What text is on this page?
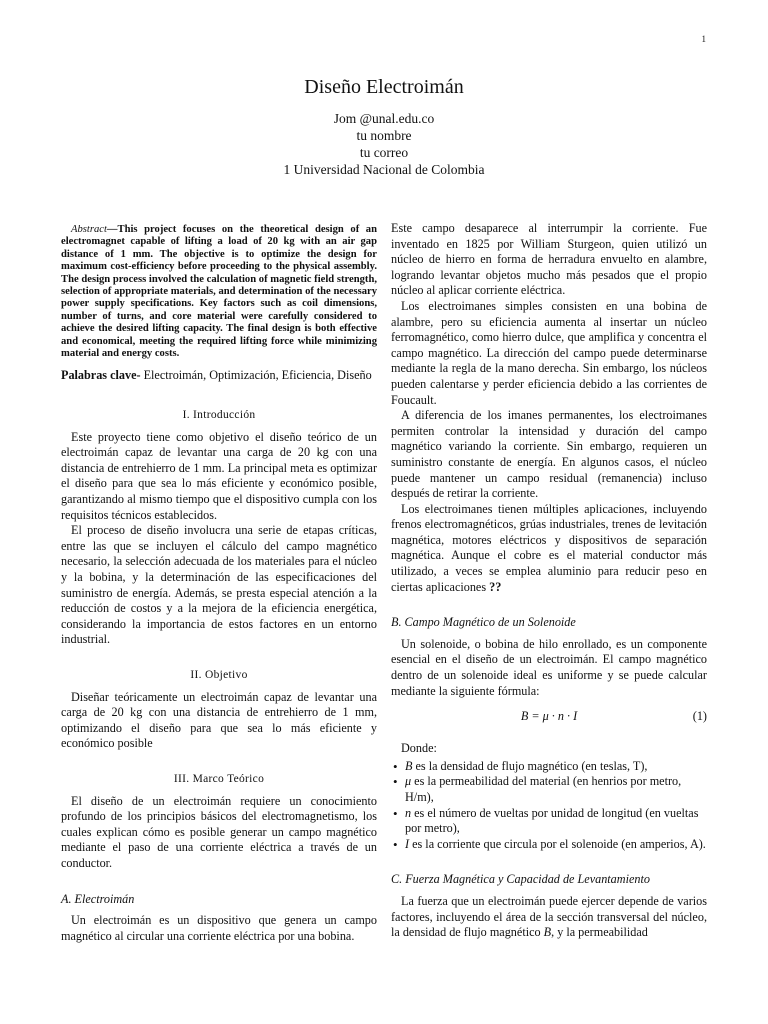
1
Diseño Electroimán
Jom @unal.edu.co
tu nombre
tu correo
1 Universidad Nacional de Colombia

Abstract—This project focuses on the theoretical design of an electromagnet capable of lifting a load of 20 kg with an air gap distance of 1 mm. The objective is to optimize the design for maximum cost-efficiency before proceeding to the physical assembly. The design process involved the calculation of magnetic field strength, selection of appropriate materials, and determination of the necessary power supply specifications. Key factors such as coil dimensions, number of turns, and core material were carefully considered to achieve the desired lifting capacity. The final design is both effective and economical, meeting the required lifting force while minimizing material and energy costs.

Palabras clave- Electroimán, Optimización, Eficiencia, Diseño

I. Introducción

Este proyecto tiene como objetivo el diseño teórico de un electroimán capaz de levantar una carga de 20 kg con una distancia de entrehierro de 1 mm. La principal meta es optimizar el diseño para que sea lo más eficiente y económico posible, garantizando al mismo tiempo que el dispositivo cumpla con los requisitos técnicos establecidos.

El proceso de diseño involucra una serie de etapas críticas, entre las que se incluyen el cálculo del campo magnético necesario, la selección adecuada de los materiales para el núcleo y la bobina, y la determinación de las especificaciones del suministro de energía. Además, se presta especial atención a la reducción de costos y a la mejora de la eficiencia energética, considerando la importancia de estos factores en un entorno industrial.

II. Objetivo

Diseñar teóricamente un electroimán capaz de levantar una carga de 20 kg con una distancia de entrehierro de 1 mm, optimizando el diseño para que sea lo más eficiente y económico posible

III. Marco Teórico

El diseño de un electroimán requiere un conocimiento profundo de los principios básicos del electromagnetismo, los cuales explican cómo es posible generar un campo magnético mediante el paso de una corriente eléctrica a través de un conductor.

A. Electroimán

Un electroimán es un dispositivo que genera un campo magnético al circular una corriente eléctrica por una bobina.

Este campo desaparece al interrumpir la corriente. Fue inventado en 1825 por William Sturgeon, quien utilizó un núcleo de hierro en forma de herradura envuelto en alambre, logrando levantar objetos mucho más pesados que el propio núcleo al aplicar corriente eléctrica.

Los electroimanes simples consisten en una bobina de alambre, pero su eficiencia aumenta al insertar un núcleo ferromagnético, como hierro dulce, que amplifica y concentra el campo magnético. La dirección del campo puede determinarse mediante la regla de la mano derecha. Sin embargo, los núcleos pueden calentarse y perder eficiencia debido a las corrientes de Foucault.

A diferencia de los imanes permanentes, los electroimanes permiten controlar la intensidad y duración del campo magnético variando la corriente. Sin embargo, requieren un suministro constante de energía. En algunos casos, el núcleo puede mantener un campo residual (remanencia) incluso después de retirar la corriente.

Los electroimanes tienen múltiples aplicaciones, incluyendo frenos electromagnéticos, grúas industriales, trenes de levitación magnética, motores eléctricos y dispositivos de separación magnética. Aunque el cobre es el material conductor más utilizado, a veces se emplea aluminio para reducir peso en ciertas aplicaciones ??

B. Campo Magnético de un Solenoide

Un solenoide, o bobina de hilo enrollado, es un componente esencial en el diseño de un electroimán. El campo magnético dentro de un solenoide ideal es uniforme y se puede calcular mediante la siguiente fórmula:

B = μ · n · I	(1)

Donde:

• B es la densidad de flujo magnético (en teslas, T),
• μ es la permeabilidad del material (en henrios por metro, H/m),
• n es el número de vueltas por unidad de longitud (en vueltas por metro),
• I es la corriente que circula por el solenoide (en amperios, A).
C. Fuerza Magnética y Capacidad de Levantamiento

La fuerza que un electroimán puede ejercer depende de varios factores, incluyendo el área de la sección transversal del núcleo, la densidad de flujo magnético B, y la permeabilidad
